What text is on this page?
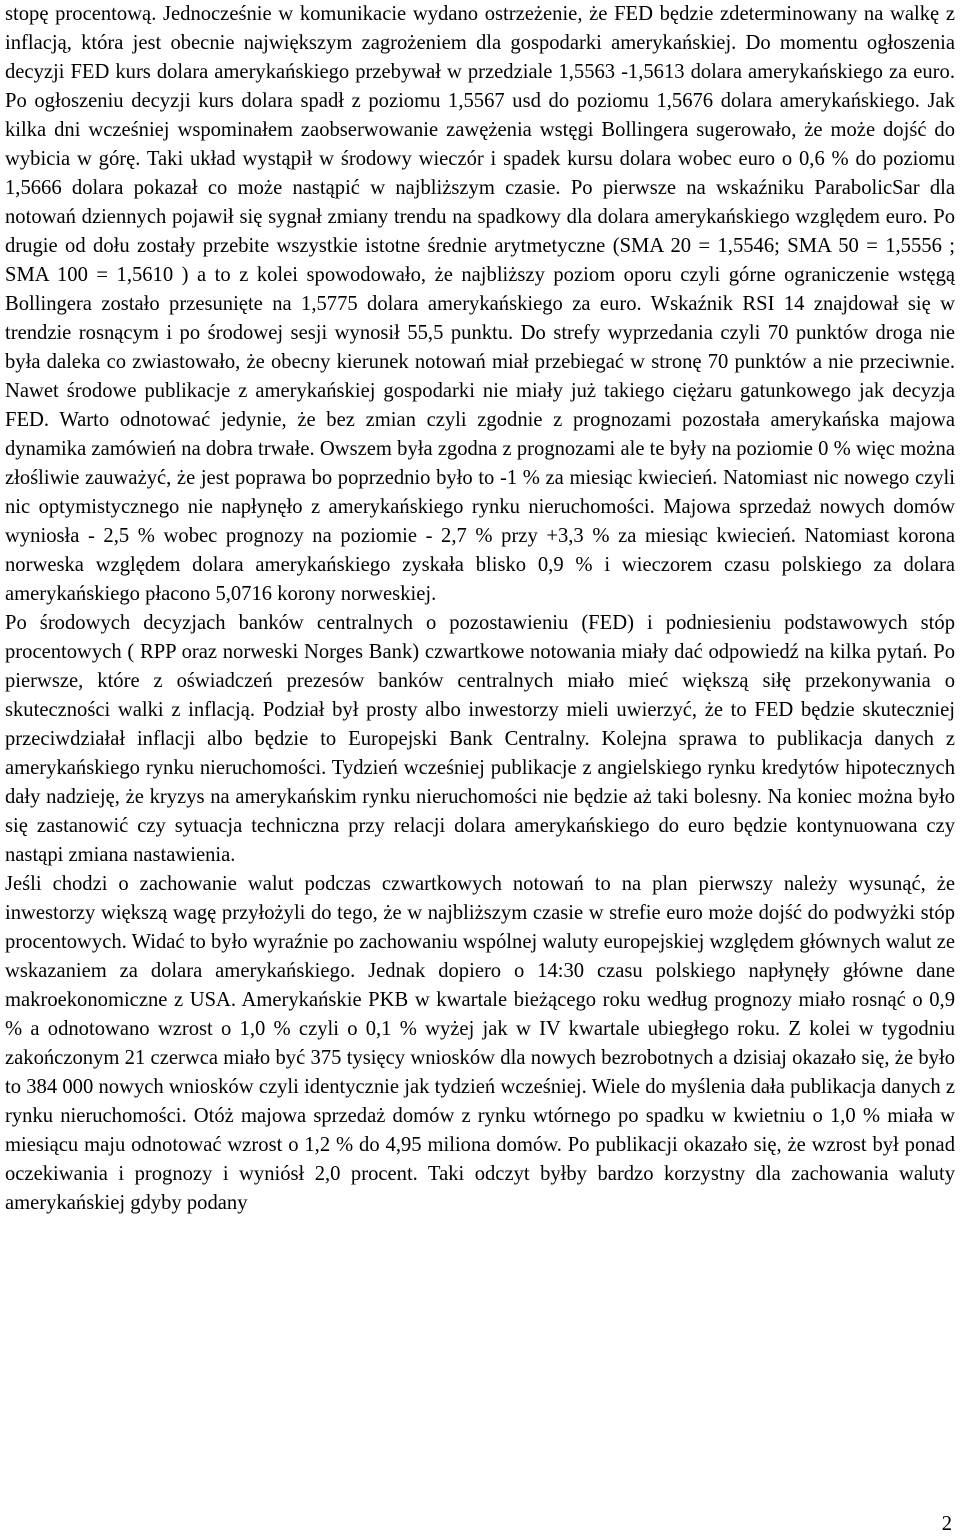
stopę procentową. Jednocześnie w komunikacie wydano ostrzeżenie, że FED będzie zdeterminowany na walkę z inflacją, która jest obecnie największym zagrożeniem dla gospodarki amerykańskiej. Do momentu ogłoszenia decyzji FED kurs dolara amerykańskiego przebywał w przedziale 1,5563 -1,5613 dolara amerykańskiego za euro. Po ogłoszeniu decyzji kurs dolara spadł z poziomu 1,5567 usd do poziomu 1,5676 dolara amerykańskiego. Jak kilka dni wcześniej wspominałem zaobserwowanie zawężenia wstęgi Bollingera sugerowało, że może dojść do wybicia w górę. Taki układ wystąpił w środowy wieczór i spadek kursu dolara wobec euro o 0,6 % do poziomu 1,5666 dolara pokazał co może nastąpić w najbliższym czasie. Po pierwsze na wskaźniku ParabolicSar dla notowań dziennych pojawił się sygnał zmiany trendu na spadkowy dla dolara amerykańskiego względem euro. Po drugie od dołu zostały przebite wszystkie istotne średnie arytmetyczne (SMA 20 = 1,5546; SMA 50 = 1,5556 ; SMA 100 = 1,5610 ) a to z kolei spowodowało, że najbliższy poziom oporu czyli górne ograniczenie wstęgą Bollingera zostało przesunięte na 1,5775 dolara amerykańskiego za euro. Wskaźnik RSI 14 znajdował się w trendzie rosnącym i po środowej sesji wynosił 55,5 punktu. Do strefy wyprzedania czyli 70 punktów droga nie była daleka co zwiastowało, że obecny kierunek notowań miał przebiegać w stronę 70 punktów a nie przeciwnie. Nawet środowe publikacje z amerykańskiej gospodarki nie miały już takiego ciężaru gatunkowego jak decyzja FED. Warto odnotować jedynie, że bez zmian czyli zgodnie z prognozami pozostała amerykańska majowa dynamika zamówień na dobra trwałe. Owszem była zgodna z prognozami ale te były na poziomie 0 % więc można złośliwie zauważyć, że jest poprawa bo poprzednio było to -1 % za miesiąc kwiecień. Natomiast nic nowego czyli nic optymistycznego nie napłynęło z amerykańskiego rynku nieruchomości. Majowa sprzedaż nowych domów wyniosła - 2,5 % wobec prognozy na poziomie - 2,7 % przy +3,3 % za miesiąc kwiecień. Natomiast korona norweska względem dolara amerykańskiego zyskała blisko 0,9 % i wieczorem czasu polskiego za dolara amerykańskiego płacono 5,0716 korony norweskiej.

Po środowych decyzjach banków centralnych o pozostawieniu (FED) i podniesieniu podstawowych stóp procentowych ( RPP oraz norweski Norges Bank) czwartkowe notowania miały dać odpowiedź na kilka pytań. Po pierwsze, które z oświadczeń prezesów banków centralnych miało mieć większą siłę przekonywania o skuteczności walki z inflacją. Podział był prosty albo inwestorzy mieli uwierzyć, że to FED będzie skuteczniej przeciwdziałał inflacji albo będzie to Europejski Bank Centralny. Kolejna sprawa to publikacja danych z amerykańskiego rynku nieruchomości. Tydzień wcześniej publikacje z angielskiego rynku kredytów hipotecznych dały nadzieję, że kryzys na amerykańskim rynku nieruchomości nie będzie aż taki bolesny. Na koniec można było się zastanowić czy sytuacja techniczna przy relacji dolara amerykańskiego do euro będzie kontynuowana czy nastąpi zmiana nastawienia.

Jeśli chodzi o zachowanie walut podczas czwartkowych notowań to na plan pierwszy należy wysunąć, że inwestorzy większą wagę przyłożyli do tego, że w najbliższym czasie w strefie euro może dojść do podwyżki stóp procentowych. Widać to było wyraźnie po zachowaniu wspólnej waluty europejskiej względem głównych walut ze wskazaniem za dolara amerykańskiego. Jednak dopiero o 14:30 czasu polskiego napłynęły główne dane makroekonomiczne z USA. Amerykańskie PKB w kwartale bieżącego roku według prognozy miało rosnąć o 0,9 % a odnotowano wzrost o 1,0 % czyli o 0,1 % wyżej jak w IV kwartale ubiegłego roku. Z kolei w tygodniu zakończonym 21 czerwca miało być 375 tysięcy wniosków dla nowych bezrobotnych a dzisiaj okazało się, że było to 384 000 nowych wniosków czyli identycznie jak tydzień wcześniej. Wiele do myślenia dała publikacja danych z rynku nieruchomości. Otóż majowa sprzedaż domów z rynku wtórnego po spadku w kwietniu o 1,0 % miała w miesiącu maju odnotować wzrost o 1,2 % do 4,95 miliona domów. Po publikacji okazało się, że wzrost był ponad oczekiwania i prognozy i wyniósł 2,0 procent. Taki odczyt byłby bardzo korzystny dla zachowania waluty amerykańskiej gdyby podany

2
